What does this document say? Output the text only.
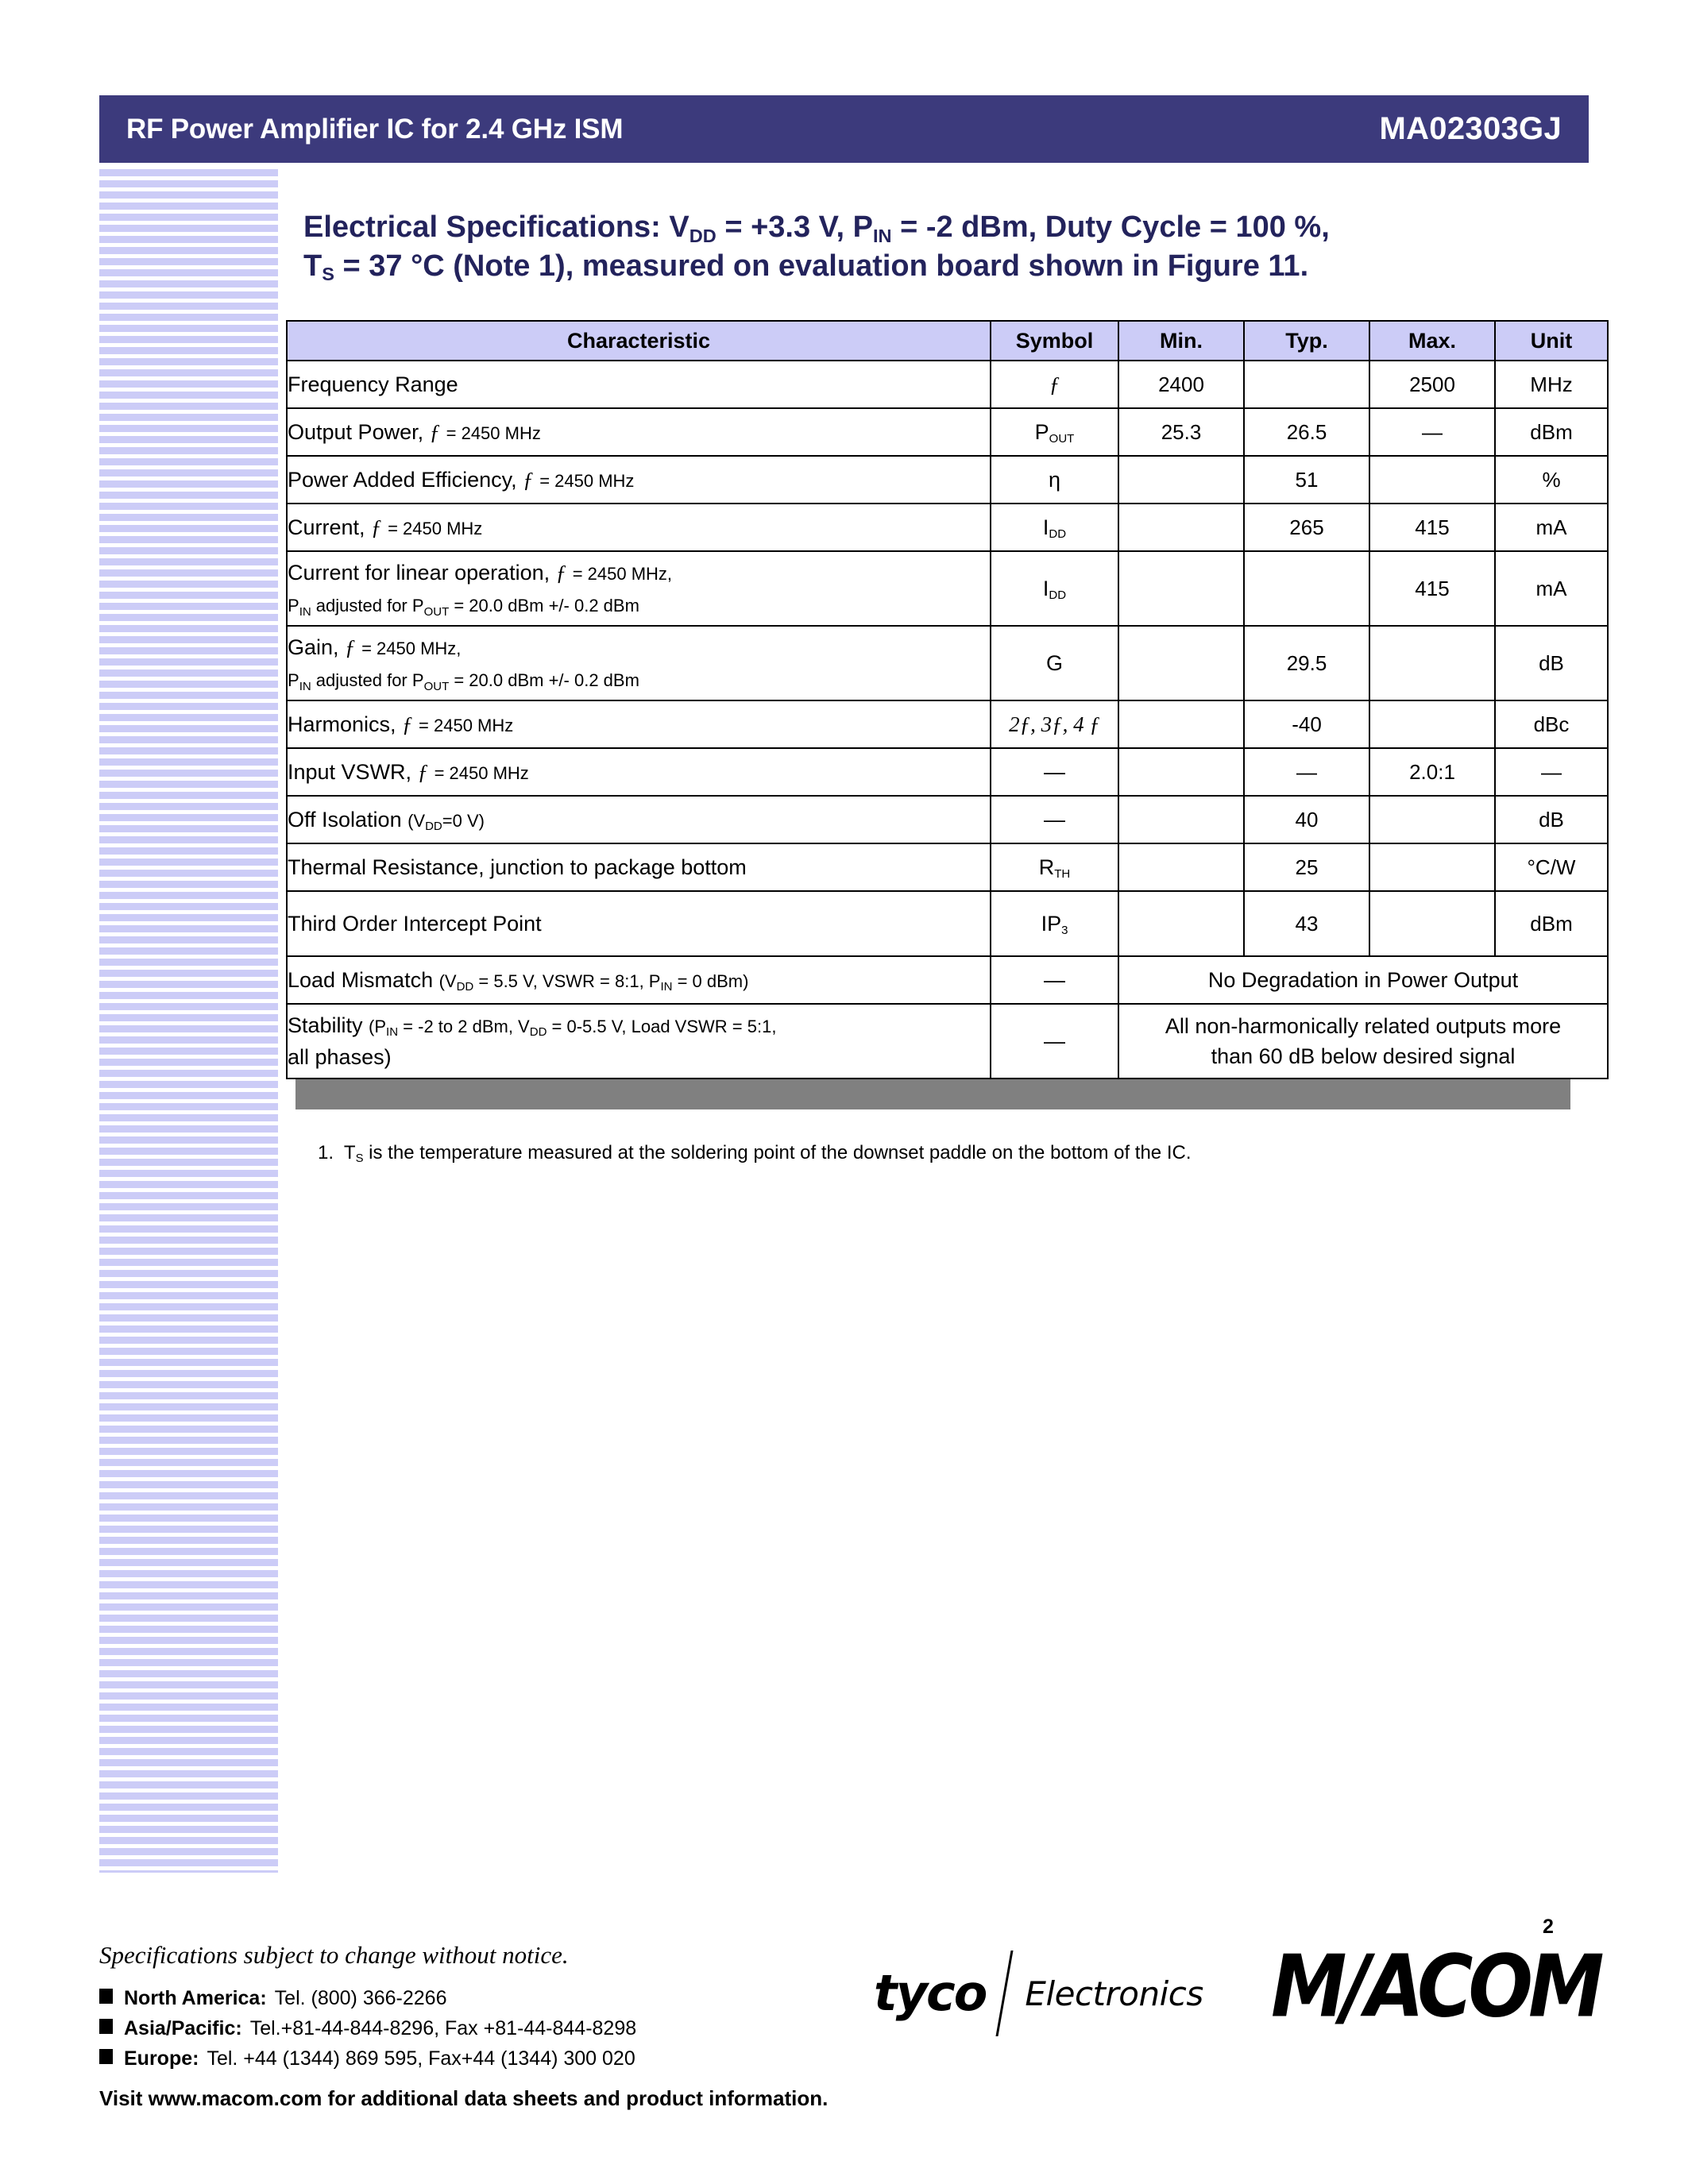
RF Power Amplifier IC for 2.4 GHz ISM	MA02303GJ
Electrical Specifications: $V_{DD} = +3.3$ V, $P_{IN} = -2$ dBm, Duty Cycle = 100 %,
$T_S = 37$ °C (Note 1), measured on evaluation board shown in Figure 11.
Characteristic	Symbol	Min.	Typ.	Max.	Unit
Frequency Range	ƒ	2400		2500	MHz
Output Power, ƒ = 2450 MHz	POUT	25.3	26.5	—	dBm
Power Added Efficiency, ƒ = 2450 MHz	η		51		%
Current, ƒ = 2450 MHz	IDD		265	415	mA
Current for linear operation, ƒ = 2450 MHz,
$P_{IN}$ adjusted for $P_{OUT} = 20.0$ dBm +/- 0.2 dBm	IDD			415	mA
Gain, ƒ = 2450 MHz,
$P_{IN}$ adjusted for $P_{OUT} = 20.0$ dBm +/- 0.2 dBm	G		29.5		dB
Harmonics, ƒ = 2450 MHz	2ƒ, 3ƒ, 4 ƒ		-40		dBc
Input VSWR, ƒ = 2450 MHz	—		—	2.0:1	—
Off Isolation ($V_{DD}=0$ V)	—		40		dB
Thermal Resistance, junction to package bottom	RTH		25		°C/W
Third Order Intercept Point	IP3		43		dBm
Load Mismatch ($V_{DD} = 5.5$ V, VSWR = 8:1, $P_{IN} = 0$ dBm)	—	No Degradation in Power Output			
Stability ($P_{IN} = -2$ to 2 dBm, $V_{DD} = 0-5.5$ V, Load VSWR = 5:1,
all phases)	—	All non-harmonically related outputs more
than 60 dB below desired signal			
1. $T_S$ is the temperature measured at the soldering point of the downset paddle on the bottom of the IC.
Specifications subject to change without notice.
North America: Tel. (800) 366-2266
Asia/Pacific: Tel.+81-44-844-8296, Fax +81-44-844-8298
Europe: Tel. +44 (1344) 869 595, Fax+44 (1344) 300 020
Visit www.macom.com for additional data sheets and product information.
tyco Electronics M/ACOM
2
